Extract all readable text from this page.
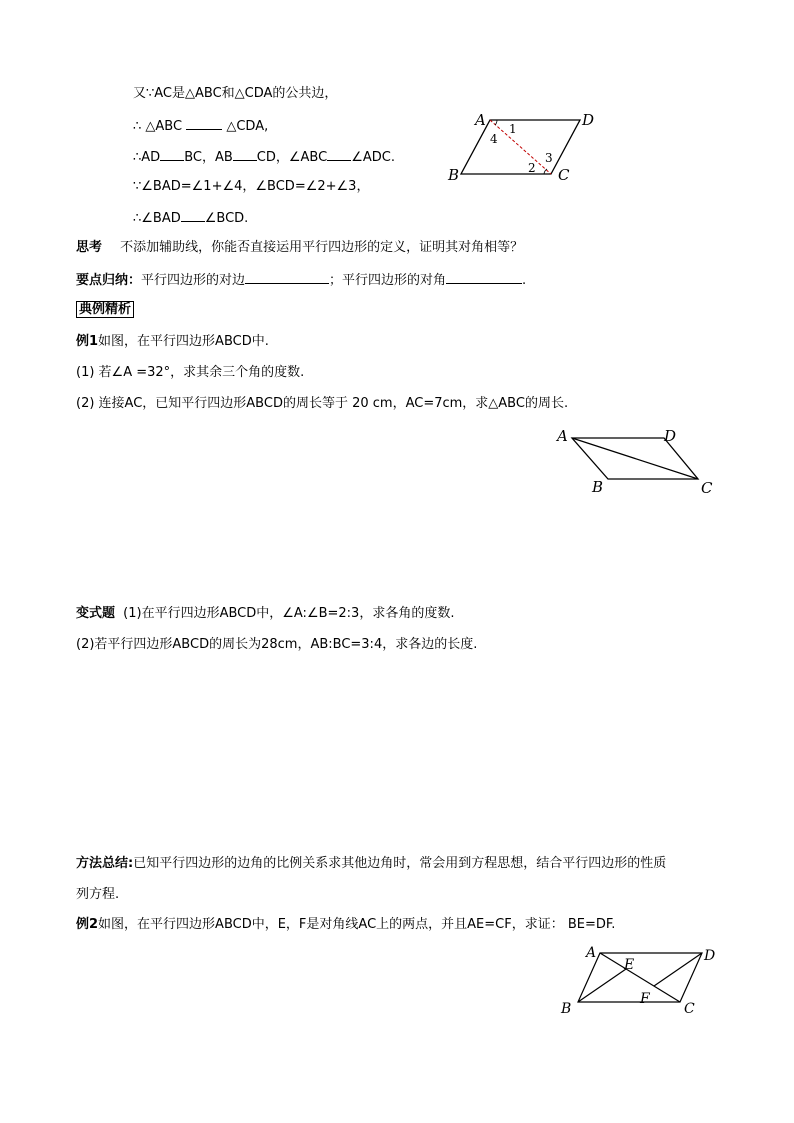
又∵AC是△ABC和△CDA的公共边，
∴ △ABC	△CDA,
∴AD BC，AB CD，∠ABC ∠ADC.
∵∠BAD=∠1+∠4，∠BCD=∠2+∠3，
∴∠BAD ∠BCD.
A	D
B	C
1
4
3
2
思考 不添加辅助线，你能否直接运用平行四边形的定义，证明其对角相等？
要点归纳：平行四边形的对边	；平行四边形的对角	.
典例精析
例1如图，在平行四边形ABCD中.
(1) 若∠A =32°，求其余三个角的度数.
(2) 连接AC，已知平行四边形ABCD的周长等于 20 cm，AC=7cm，求△ABC的周长.
A	D
B	C
变式题 (1)在平行四边形ABCD中，∠A:∠B=2:3，求各角的度数.
(2)若平行四边形ABCD的周长为28cm，AB:BC=3:4，求各边的长度.
方法总结:已知平行四边形的边角的比例关系求其他边角时，常会用到方程思想，结合平行四边形的性质
列方程.
例2如图，在平行四边形ABCD中，E，F是对角线AC上的两点，并且AE=CF，求证： BE=DF.
A	D
B	C
E
F
